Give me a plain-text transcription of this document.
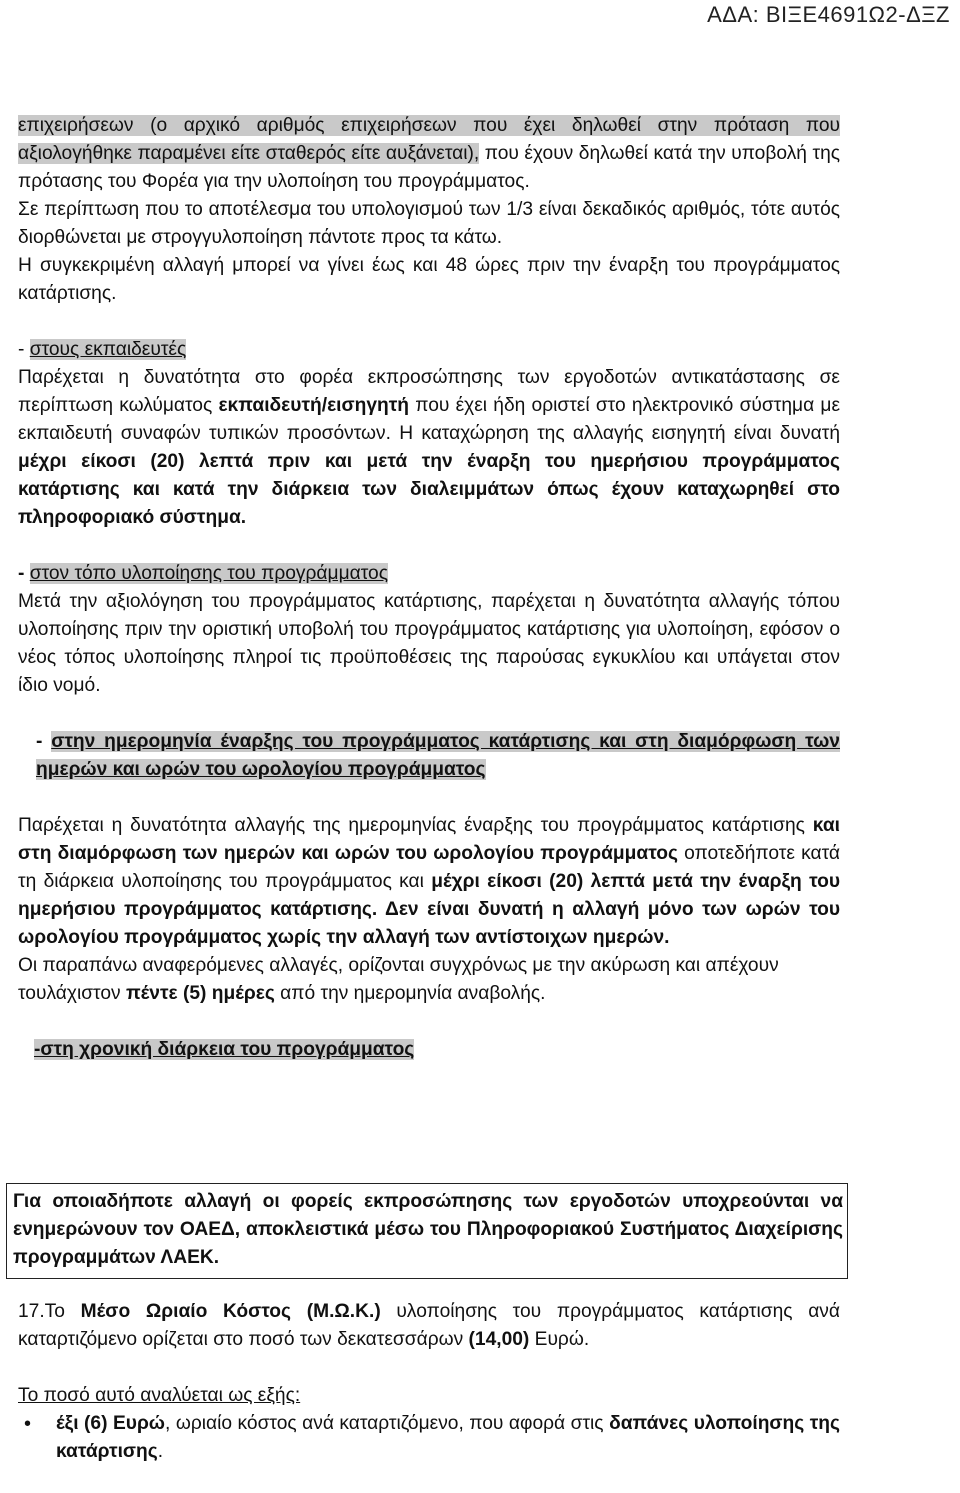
ΑΔΑ: ΒΙΞΕ4691Ω2-ΔΞΖ

επιχειρήσεων (ο αρχικό αριθμός επιχειρήσεων που έχει δηλωθεί στην πρόταση που αξιολογήθηκε παραμένει είτε σταθερός είτε αυξάνεται), που έχουν δηλωθεί κατά την υποβολή της πρότασης του Φορέα για την υλοποίηση του προγράμματος.

Σε περίπτωση που το αποτέλεσμα του υπολογισμού των 1/3 είναι δεκαδικός αριθμός, τότε αυτός διορθώνεται με στρογγυλοποίηση πάντοτε προς τα κάτω.

Η συγκεκριμένη αλλαγή μπορεί να γίνει έως και 48 ώρες πριν την έναρξη του προγράμματος κατάρτισης.

- στους εκπαιδευτές

Παρέχεται η δυνατότητα στο φορέα εκπροσώπησης των εργοδοτών αντικατάστασης σε περίπτωση κωλύματος εκπαιδευτή/εισηγητή που έχει ήδη οριστεί στο ηλεκτρονικό σύστημα με εκπαιδευτή συναφών τυπικών προσόντων. Η καταχώρηση της αλλαγής εισηγητή είναι δυνατή μέχρι είκοσι (20) λεπτά πριν και μετά την έναρξη του ημερήσιου προγράμματος κατάρτισης και κατά την διάρκεια των διαλειμμάτων όπως έχουν καταχωρηθεί στο πληροφοριακό σύστημα.

- στον τόπο υλοποίησης του προγράμματος

Μετά την αξιολόγηση του προγράμματος κατάρτισης, παρέχεται η δυνατότητα αλλαγής τόπου υλοποίησης πριν την οριστική υποβολή του προγράμματος κατάρτισης για υλοποίηση, εφόσον ο νέος τόπος υλοποίησης πληροί τις προϋποθέσεις της παρούσας εγκυκλίου και υπάγεται στον ίδιο νομό.

- στην ημερομηνία έναρξης του προγράμματος κατάρτισης και στη διαμόρφωση των ημερών και ωρών του ωρολογίου προγράμματος

Παρέχεται η δυνατότητα αλλαγής της ημερομηνίας έναρξης του προγράμματος κατάρτισης και στη διαμόρφωση των ημερών και ωρών του ωρολογίου προγράμματος οποτεδήποτε κατά τη διάρκεια υλοποίησης του προγράμματος και μέχρι είκοσι (20) λεπτά μετά την έναρξη του ημερήσιου προγράμματος κατάρτισης. Δεν είναι δυνατή η αλλαγή μόνο των ωρών του ωρολογίου προγράμματος χωρίς την αλλαγή των αντίστοιχων ημερών.

Οι παραπάνω αναφερόμενες αλλαγές, ορίζονται συγχρόνως με την ακύρωση και απέχουν τουλάχιστον πέντε (5) ημέρες από την ημερομηνία αναβολής.

-στη χρονική διάρκεια του προγράμματος

Για οποιαδήποτε αλλαγή οι φορείς εκπροσώπησης των εργοδοτών υποχρεούνται να ενημερώνουν τον ΟΑΕΔ, αποκλειστικά μέσω του Πληροφοριακού Συστήματος Διαχείρισης προγραμμάτων ΛΑΕΚ.

17.Το Μέσο Ωριαίο Κόστος (Μ.Ω.Κ.) υλοποίησης του προγράμματος κατάρτισης ανά καταρτιζόμενο ορίζεται στο ποσό των δεκατεσσάρων (14,00) Ευρώ.

Το ποσό αυτό αναλύεται ως εξής:

• έξι (6) Ευρώ, ωριαίο κόστος ανά καταρτιζόμενο, που αφορά στις δαπάνες υλοποίησης της κατάρτισης.
